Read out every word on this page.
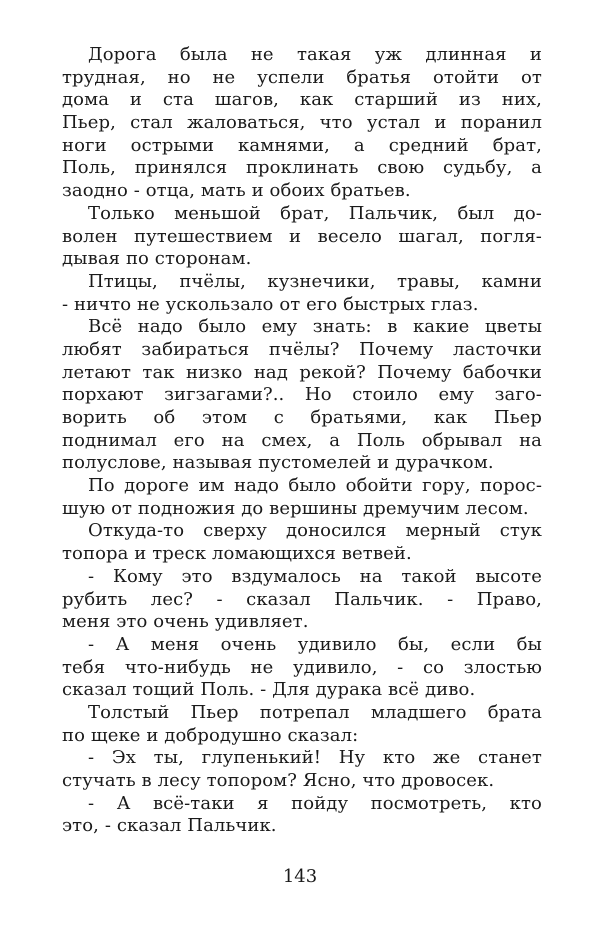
Дорога была не такая уж длинная и
трудная, но не успели братья отойти от
дома и ста шагов, как старший из них,
Пьер, стал жаловаться, что устал и поранил
ноги острыми камнями, а средний брат,
Поль, принялся проклинать свою судьбу, а
заодно - отца, мать и обоих братьев.
Только меньшой брат, Пальчик, был до-
волен путешествием и весело шагал, погля-
дывая по сторонам.
Птицы, пчёлы, кузнечики, травы, камни
- ничто не ускользало от его быстрых глаз.
Всё надо было ему знать: в какие цветы
любят забираться пчёлы? Почему ласточки
летают так низко над рекой? Почему бабочки
порхают зигзагами?.. Но стоило ему заго-
ворить об этом с братьями, как Пьер
поднимал его на смех, а Поль обрывал на
полуслове, называя пустомелей и дурачком.
По дороге им надо было обойти гору, порос-
шую от подножия до вершины дремучим лесом.
Откуда-то сверху доносился мерный стук
топора и треск ломающихся ветвей.
- Кому это вздумалось на такой высоте
рубить лес? - сказал Пальчик. - Право,
меня это очень удивляет.
- А меня очень удивило бы, если бы
тебя что-нибудь не удивило, - со злостью
сказал тощий Поль. - Для дурака всё диво.
Толстый Пьер потрепал младшего брата
по щеке и добродушно сказал:
- Эх ты, глупенький! Ну кто же станет
стучать в лесу топором? Ясно, что дровосек.
- А всё-таки я пойду посмотреть, кто
это, - сказал Пальчик.
143
